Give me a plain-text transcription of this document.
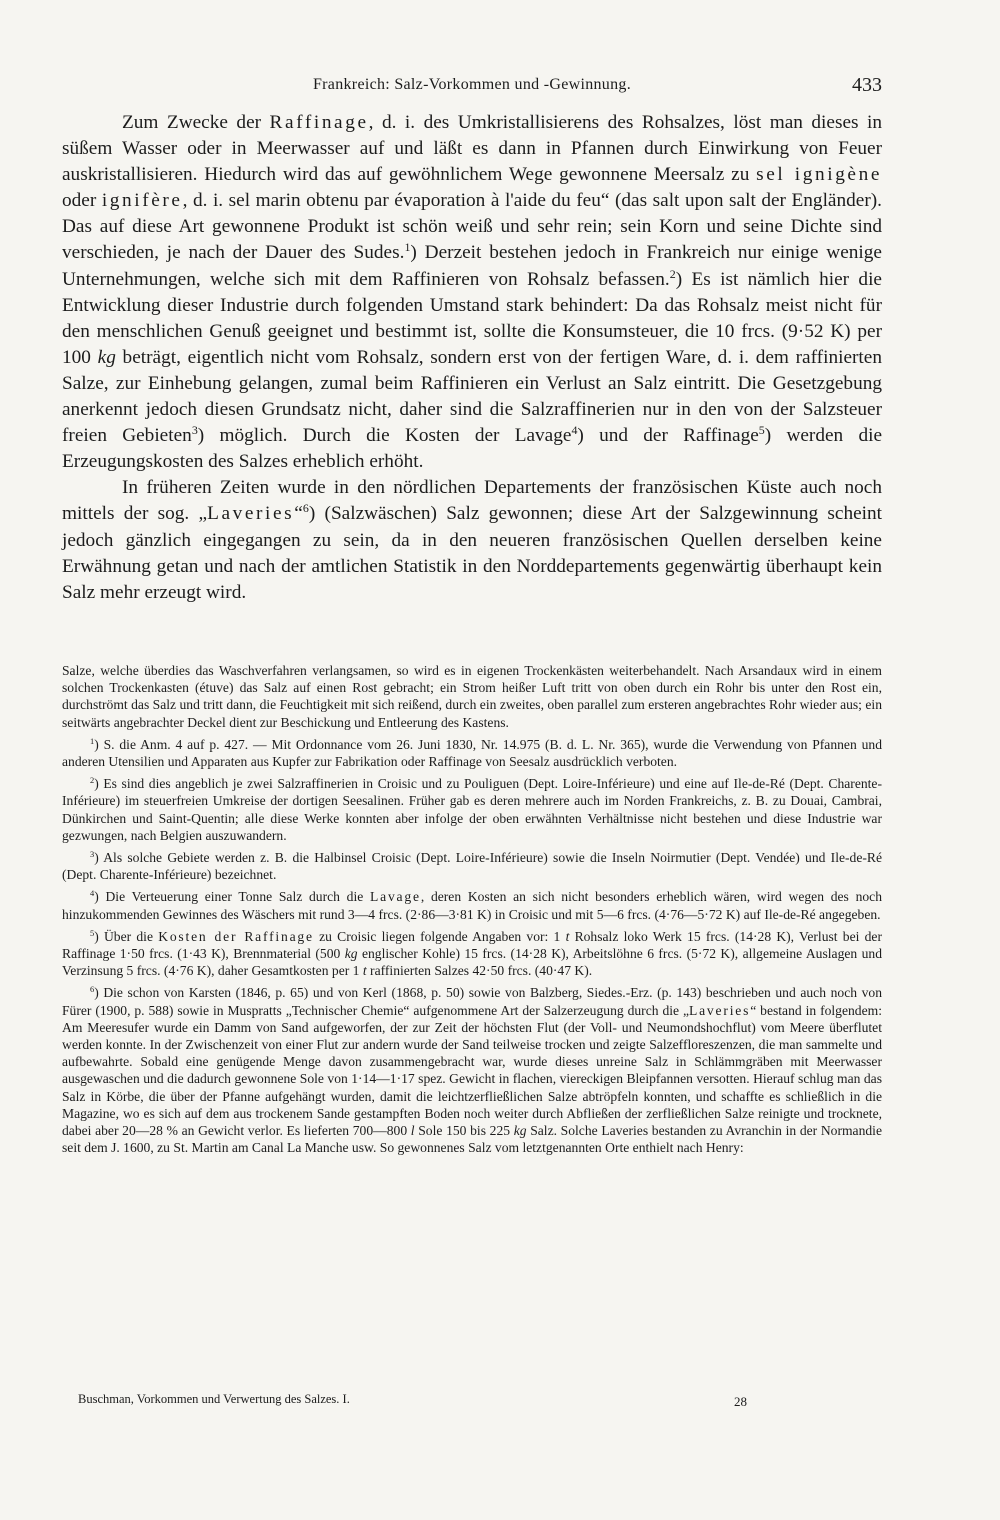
Frankreich: Salz-Vorkommen und -Gewinnung.	433

Zum Zwecke der Raffinage, d. i. des Umkristallisierens des Rohsalzes, löst man dieses in süßem Wasser oder in Meerwasser auf und läßt es dann in Pfannen durch Einwirkung von Feuer auskristallisieren. Hiedurch wird das auf gewöhnlichem Wege gewonnene Meersalz zu sel ignigène oder ignifère, d. i. sel marin obtenu par évaporation à l'aide du feu“ (das salt upon salt der Engländer). Das auf diese Art gewonnene Produkt ist schön weiß und sehr rein; sein Korn und seine Dichte sind verschieden, je nach der Dauer des Sudes.$^1$) Derzeit bestehen jedoch in Frankreich nur einige wenige Unternehmungen, welche sich mit dem Raffinieren von Rohsalz befassen.$^2$) Es ist nämlich hier die Entwicklung dieser Industrie durch folgenden Umstand stark behindert: Da das Rohsalz meist nicht für den menschlichen Genuß geeignet und bestimmt ist, sollte die Konsumsteuer, die 10 frcs. (9·52 K) per 100 kg beträgt, eigentlich nicht vom Rohsalz, sondern erst von der fertigen Ware, d. i. dem raffinierten Salze, zur Einhebung gelangen, zumal beim Raffinieren ein Verlust an Salz eintritt. Die Gesetzgebung anerkennt jedoch diesen Grundsatz nicht, daher sind die Salzraffinerien nur in den von der Salzsteuer freien Gebieten$^3$) möglich. Durch die Kosten der Lavage$^4$) und der Raffinage$^5$) werden die Erzeugungskosten des Salzes erheblich erhöht.

In früheren Zeiten wurde in den nördlichen Departements der französischen Küste auch noch mittels der sog. „Laveries“$^6$) (Salzwäschen) Salz gewonnen; diese Art der Salzgewinnung scheint jedoch gänzlich eingegangen zu sein, da in den neueren französischen Quellen derselben keine Erwähnung getan und nach der amtlichen Statistik in den Norddepartements gegenwärtig überhaupt kein Salz mehr erzeugt wird.

Salze, welche überdies das Waschverfahren verlangsamen, so wird es in eigenen Trockenkästen weiterbehandelt. Nach Arsandaux wird in einem solchen Trockenkasten (étuve) das Salz auf einen Rost gebracht; ein Strom heißer Luft tritt von oben durch ein Rohr bis unter den Rost ein, durchströmt das Salz und tritt dann, die Feuchtigkeit mit sich reißend, durch ein zweites, oben parallel zum ersteren angebrachtes Rohr wieder aus; ein seitwärts angebrachter Deckel dient zur Beschickung und Entleerung des Kastens.

$^1$) S. die Anm. 4 auf p. 427. — Mit Ordonnance vom 26. Juni 1830, Nr. 14.975 (B. d. L. Nr. 365), wurde die Verwendung von Pfannen und anderen Utensilien und Apparaten aus Kupfer zur Fabrikation oder Raffinage von Seesalz ausdrücklich verboten.

$^2$) Es sind dies angeblich je zwei Salzraffinerien in Croisic und zu Pouliguen (Dept. Loire-Inférieure) und eine auf Ile-de-Ré (Dept. Charente-Inférieure) im steuerfreien Umkreise der dortigen Seesalinen. Früher gab es deren mehrere auch im Norden Frankreichs, z. B. zu Douai, Cambrai, Dünkirchen und Saint-Quentin; alle diese Werke konnten aber infolge der oben erwähnten Verhältnisse nicht bestehen und diese Industrie war gezwungen, nach Belgien auszuwandern.

$^3$) Als solche Gebiete werden z. B. die Halbinsel Croisic (Dept. Loire-Inférieure) sowie die Inseln Noirmutier (Dept. Vendée) und Ile-de-Ré (Dept. Charente-Inférieure) bezeichnet.

$^4$) Die Verteuerung einer Tonne Salz durch die Lavage, deren Kosten an sich nicht besonders erheblich wären, wird wegen des noch hinzukommenden Gewinnes des Wäschers mit rund 3—4 frcs. (2·86—3·81 K) in Croisic und mit 5—6 frcs. (4·76—5·72 K) auf Ile-de-Ré angegeben.

$^5$) Über die Kosten der Raffinage zu Croisic liegen folgende Angaben vor: 1 t Rohsalz loko Werk 15 frcs. (14·28 K), Verlust bei der Raffinage 1·50 frcs. (1·43 K), Brennmaterial (500 kg englischer Kohle) 15 frcs. (14·28 K), Arbeitslöhne 6 frcs. (5·72 K), allgemeine Auslagen und Verzinsung 5 frcs. (4·76 K), daher Gesamtkosten per 1 t raffinierten Salzes 42·50 frcs. (40·47 K).

$^6$) Die schon von Karsten (1846, p. 65) und von Kerl (1868, p. 50) sowie von Balzberg, Siedes.-Erz. (p. 143) beschrieben und auch noch von Fürer (1900, p. 588) sowie in Muspratts „Technischer Chemie“ aufgenommene Art der Salzerzeugung durch die „Laveries“ bestand in folgendem: Am Meeresufer wurde ein Damm von Sand aufgeworfen, der zur Zeit der höchsten Flut (der Voll- und Neumondshochflut) vom Meere überflutet werden konnte. In der Zwischenzeit von einer Flut zur andern wurde der Sand teilweise trocken und zeigte Salzeffloreszenzen, die man sammelte und aufbewahrte. Sobald eine genügende Menge davon zusammengebracht war, wurde dieses unreine Salz in Schlämmgräben mit Meerwasser ausgewaschen und die dadurch gewonnene Sole von 1·14—1·17 spez. Gewicht in flachen, viereckigen Bleipfannen versotten. Hierauf schlug man das Salz in Körbe, die über der Pfanne aufgehängt wurden, damit die leichtzerfließlichen Salze abtröpfeln konnten, und schaffte es schließlich in die Magazine, wo es sich auf dem aus trockenem Sande gestampften Boden noch weiter durch Abfließen der zerfließlichen Salze reinigte und trocknete, dabei aber 20—28 % an Gewicht verlor. Es lieferten 700—800 l Sole 150 bis 225 kg Salz. Solche Laveries bestanden zu Avranchin in der Normandie seit dem J. 1600, zu St. Martin am Canal La Manche usw. So gewonnenes Salz vom letztgenannten Orte enthielt nach Henry:

Buschman, Vorkommen und Verwertung des Salzes. I.	28
